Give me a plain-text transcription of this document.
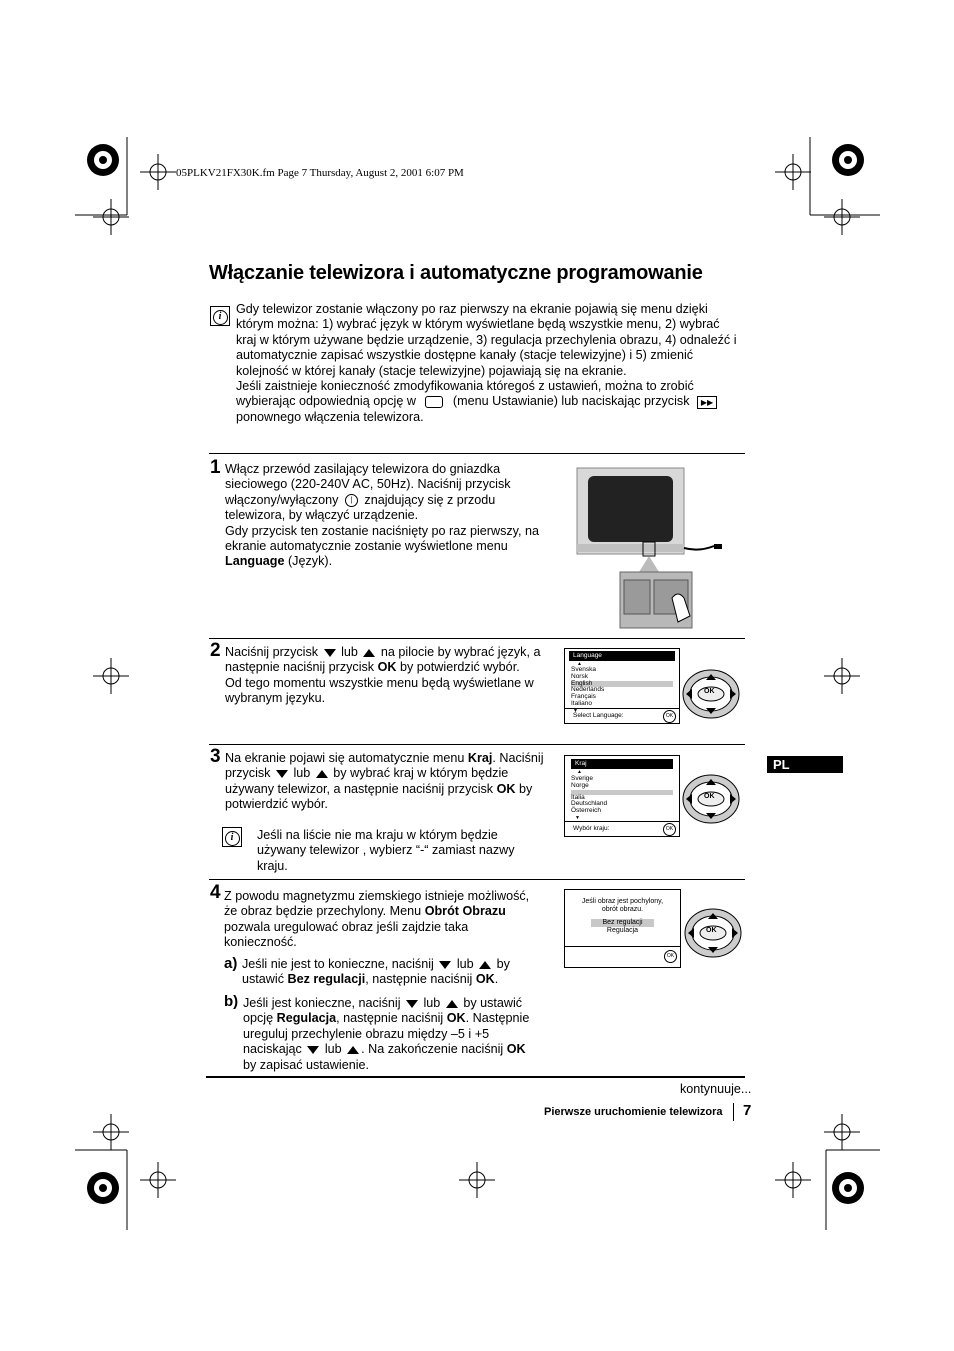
05PLKV21FX30K.fm Page 7 Thursday, August 2, 2001 6:07 PM
Włączanie telewizora i automatyczne programowanie
i
Gdy telewizor zostanie włączony po raz pierwszy na ekranie pojawią się menu dzięki
którym można: 1) wybrać język w którym wyświetlane będą wszystkie menu, 2) wybrać
kraj w którym używane będzie urządzenie, 3) regulacja przechylenia obrazu, 4) odnaleźć i
automatycznie zapisać wszystkie dostępne kanały (stacje telewizyjne) i 5) zmienić
kolejność w której kanały (stacje telewizyjne) pojawiają się na ekranie.
Jeśli zaistnieje konieczność zmodyfikowania któregoś z ustawień, można to zrobić
wybierając odpowiednią opcję w	(menu Ustawianie) lub naciskając przycisk ▶▶
ponownego włączenia telewizora.
1 Włącz przewód zasilający telewizora do gniazdka
sieciowego (220-240V AC, 50Hz). Naciśnij przycisk
włączony/wyłączony | znajdujący się z przodu
telewizora, by włączyć urządzenie.
Gdy przycisk ten zostanie naciśnięty po raz pierwszy, na
ekranie automatycznie zostanie wyświetlone menu
Language (Język).
2 Naciśnij przycisk lub na pilocie by wybrać język, a
następnie naciśnij przycisk OK by potwierdzić wybór.
Od tego momentu wszystkie menu będą wyświetlane w
wybranym języku.
Language
▲
Svenska
Norsk
English
Nederlands
Français
Italiano
▼
Select Language:	OK
OK
3 Na ekranie pojawi się automatycznie menu Kraj. Naciśnij
przycisk lub by wybrać kraj w którym będzie
używany telewizor, a następnie naciśnij przycisk OK by
potwierdzić wybór.
i	Jeśli na liście nie ma kraju w którym będzie
używany telewizor , wybierz “-“ zamiast nazwy
kraju.
Kraj
▲
Sverige
Norge
Italia
Deutschland
Österreich
▼
Wybór kraju:	OK
OK
PL
4 Z powodu magnetyzmu ziemskiego istnieje możliwość,
że obraz będzie przechylony. Menu Obrót Obrazu
pozwala uregulować obraz jeśli zajdzie taka
konieczność.
a) Jeśli nie jest to konieczne, naciśnij lub by
ustawić Bez regulacji, następnie naciśnij OK.
b) Jeśli jest konieczne, naciśnij lub by ustawić
opcję Regulacja, następnie naciśnij OK. Następnie
ureguluj przechylenie obrazu między –5 i +5
naciskając lub . Na zakończenie naciśnij OK
by zapisać ustawienie.
Jeśli obraz jest pochylony,
obrót obrazu.
Bez regulacji
Regulacja
OK
OK
kontynuuje...
Pierwsze uruchomienie telewizora 7
